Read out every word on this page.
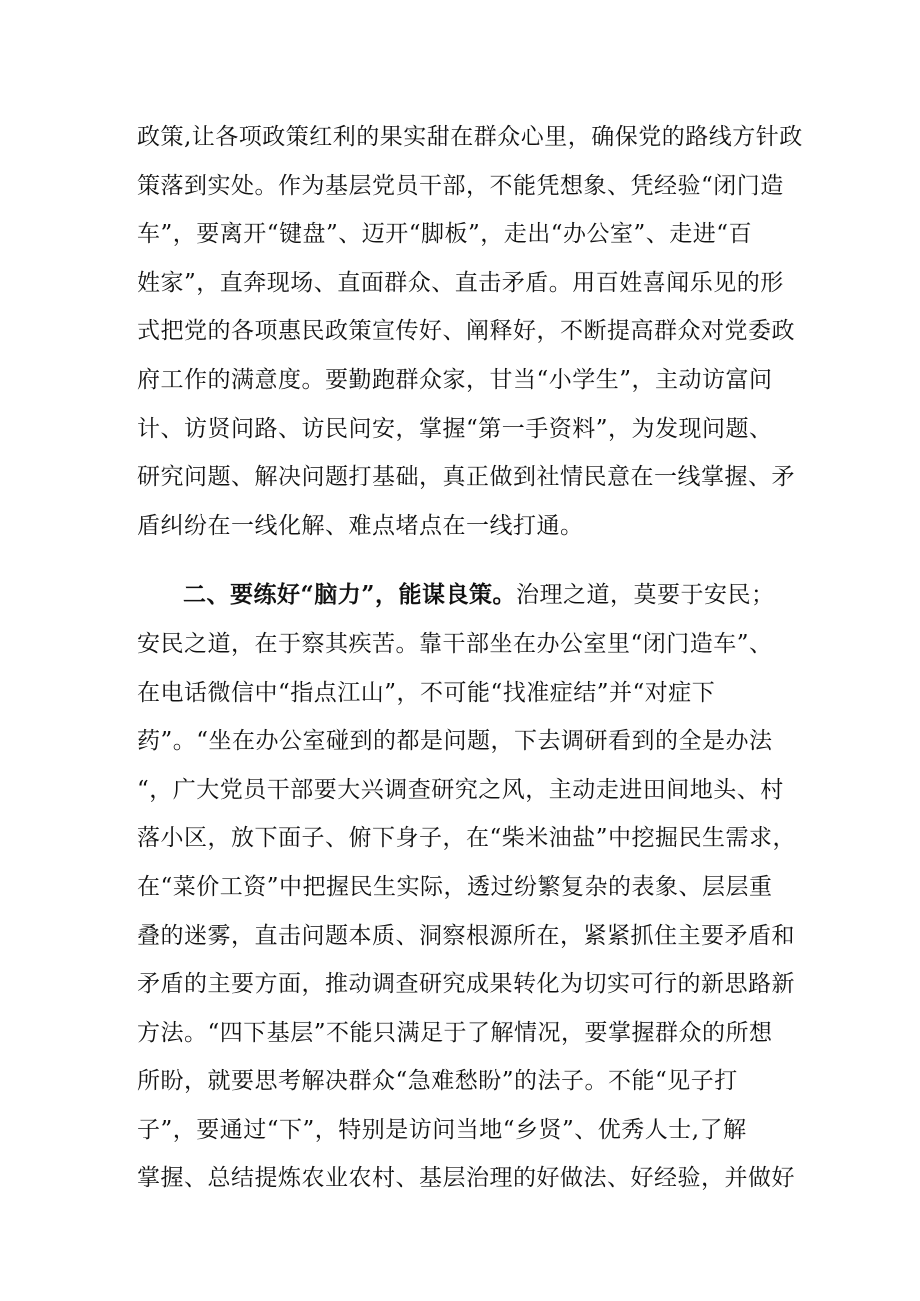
政策,让各项政策红利的果实甜在群众心里，确保党的路线方针政
策落到实处。作为基层党员干部，不能凭想象、凭经验“闭门造
车”，要离开“键盘”、迈开“脚板”，走出“办公室”、走进“百
姓家”，直奔现场、直面群众、直击矛盾。用百姓喜闻乐见的形
式把党的各项惠民政策宣传好、阐释好，不断提高群众对党委政
府工作的满意度。要勤跑群众家，甘当“小学生”，主动访富问
计、访贤问路、访民问安，掌握“第一手资料”，为发现问题、
研究问题、解决问题打基础，真正做到社情民意在一线掌握、矛
盾纠纷在一线化解、难点堵点在一线打通。
二、要练好“脑力”，能谋良策。治理之道，莫要于安民；
安民之道，在于察其疾苦。靠干部坐在办公室里“闭门造车”、
在电话微信中“指点江山”，不可能“找准症结”并“对症下
药”。“坐在办公室碰到的都是问题，下去调研看到的全是办法
“，广大党员干部要大兴调查研究之风，主动走进田间地头、村
落小区，放下面子、俯下身子，在“柴米油盐”中挖掘民生需求，
在“菜价工资”中把握民生实际，透过纷繁复杂的表象、层层重
叠的迷雾，直击问题本质、洞察根源所在，紧紧抓住主要矛盾和
矛盾的主要方面，推动调查研究成果转化为切实可行的新思路新
方法。“四下基层”不能只满足于了解情况，要掌握群众的所想
所盼，就要思考解决群众“急难愁盼”的法子。不能“见子打
子”，要通过“下”，特别是访问当地“乡贤”、优秀人士,了解
掌握、总结提炼农业农村、基层治理的好做法、好经验，并做好
